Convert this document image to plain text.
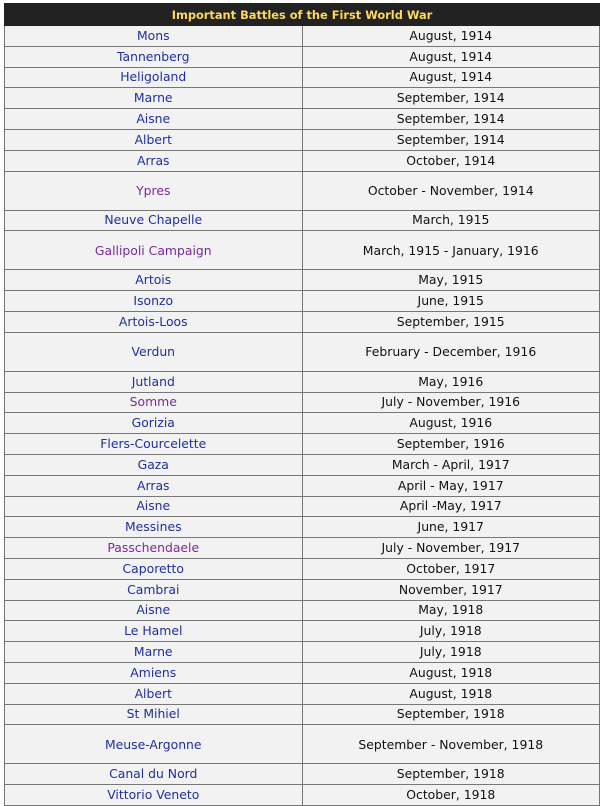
Important Battles of the First World War	
Mons	August, 1914
Tannenberg	August, 1914
Heligoland	August, 1914
Marne	September, 1914
Aisne	September, 1914
Albert	September, 1914
Arras	October, 1914
Ypres	October - November, 1914
Neuve Chapelle	March, 1915
Gallipoli Campaign	March, 1915 - January, 1916
Artois	May, 1915
Isonzo	June, 1915
Artois-Loos	September, 1915
Verdun	February - December, 1916
Jutland	May, 1916
Somme	July - November, 1916
Gorizia	August, 1916
Flers-Courcelette	September, 1916
Gaza	March - April, 1917
Arras	April - May, 1917
Aisne	April -May, 1917
Messines	June, 1917
Passchendaele	July - November, 1917
Caporetto	October, 1917
Cambrai	November, 1917
Aisne	May, 1918
Le Hamel	July, 1918
Marne	July, 1918
Amiens	August, 1918
Albert	August, 1918
St Mihiel	September, 1918
Meuse-Argonne	September - November, 1918
Canal du Nord	September, 1918
Vittorio Veneto	October, 1918
